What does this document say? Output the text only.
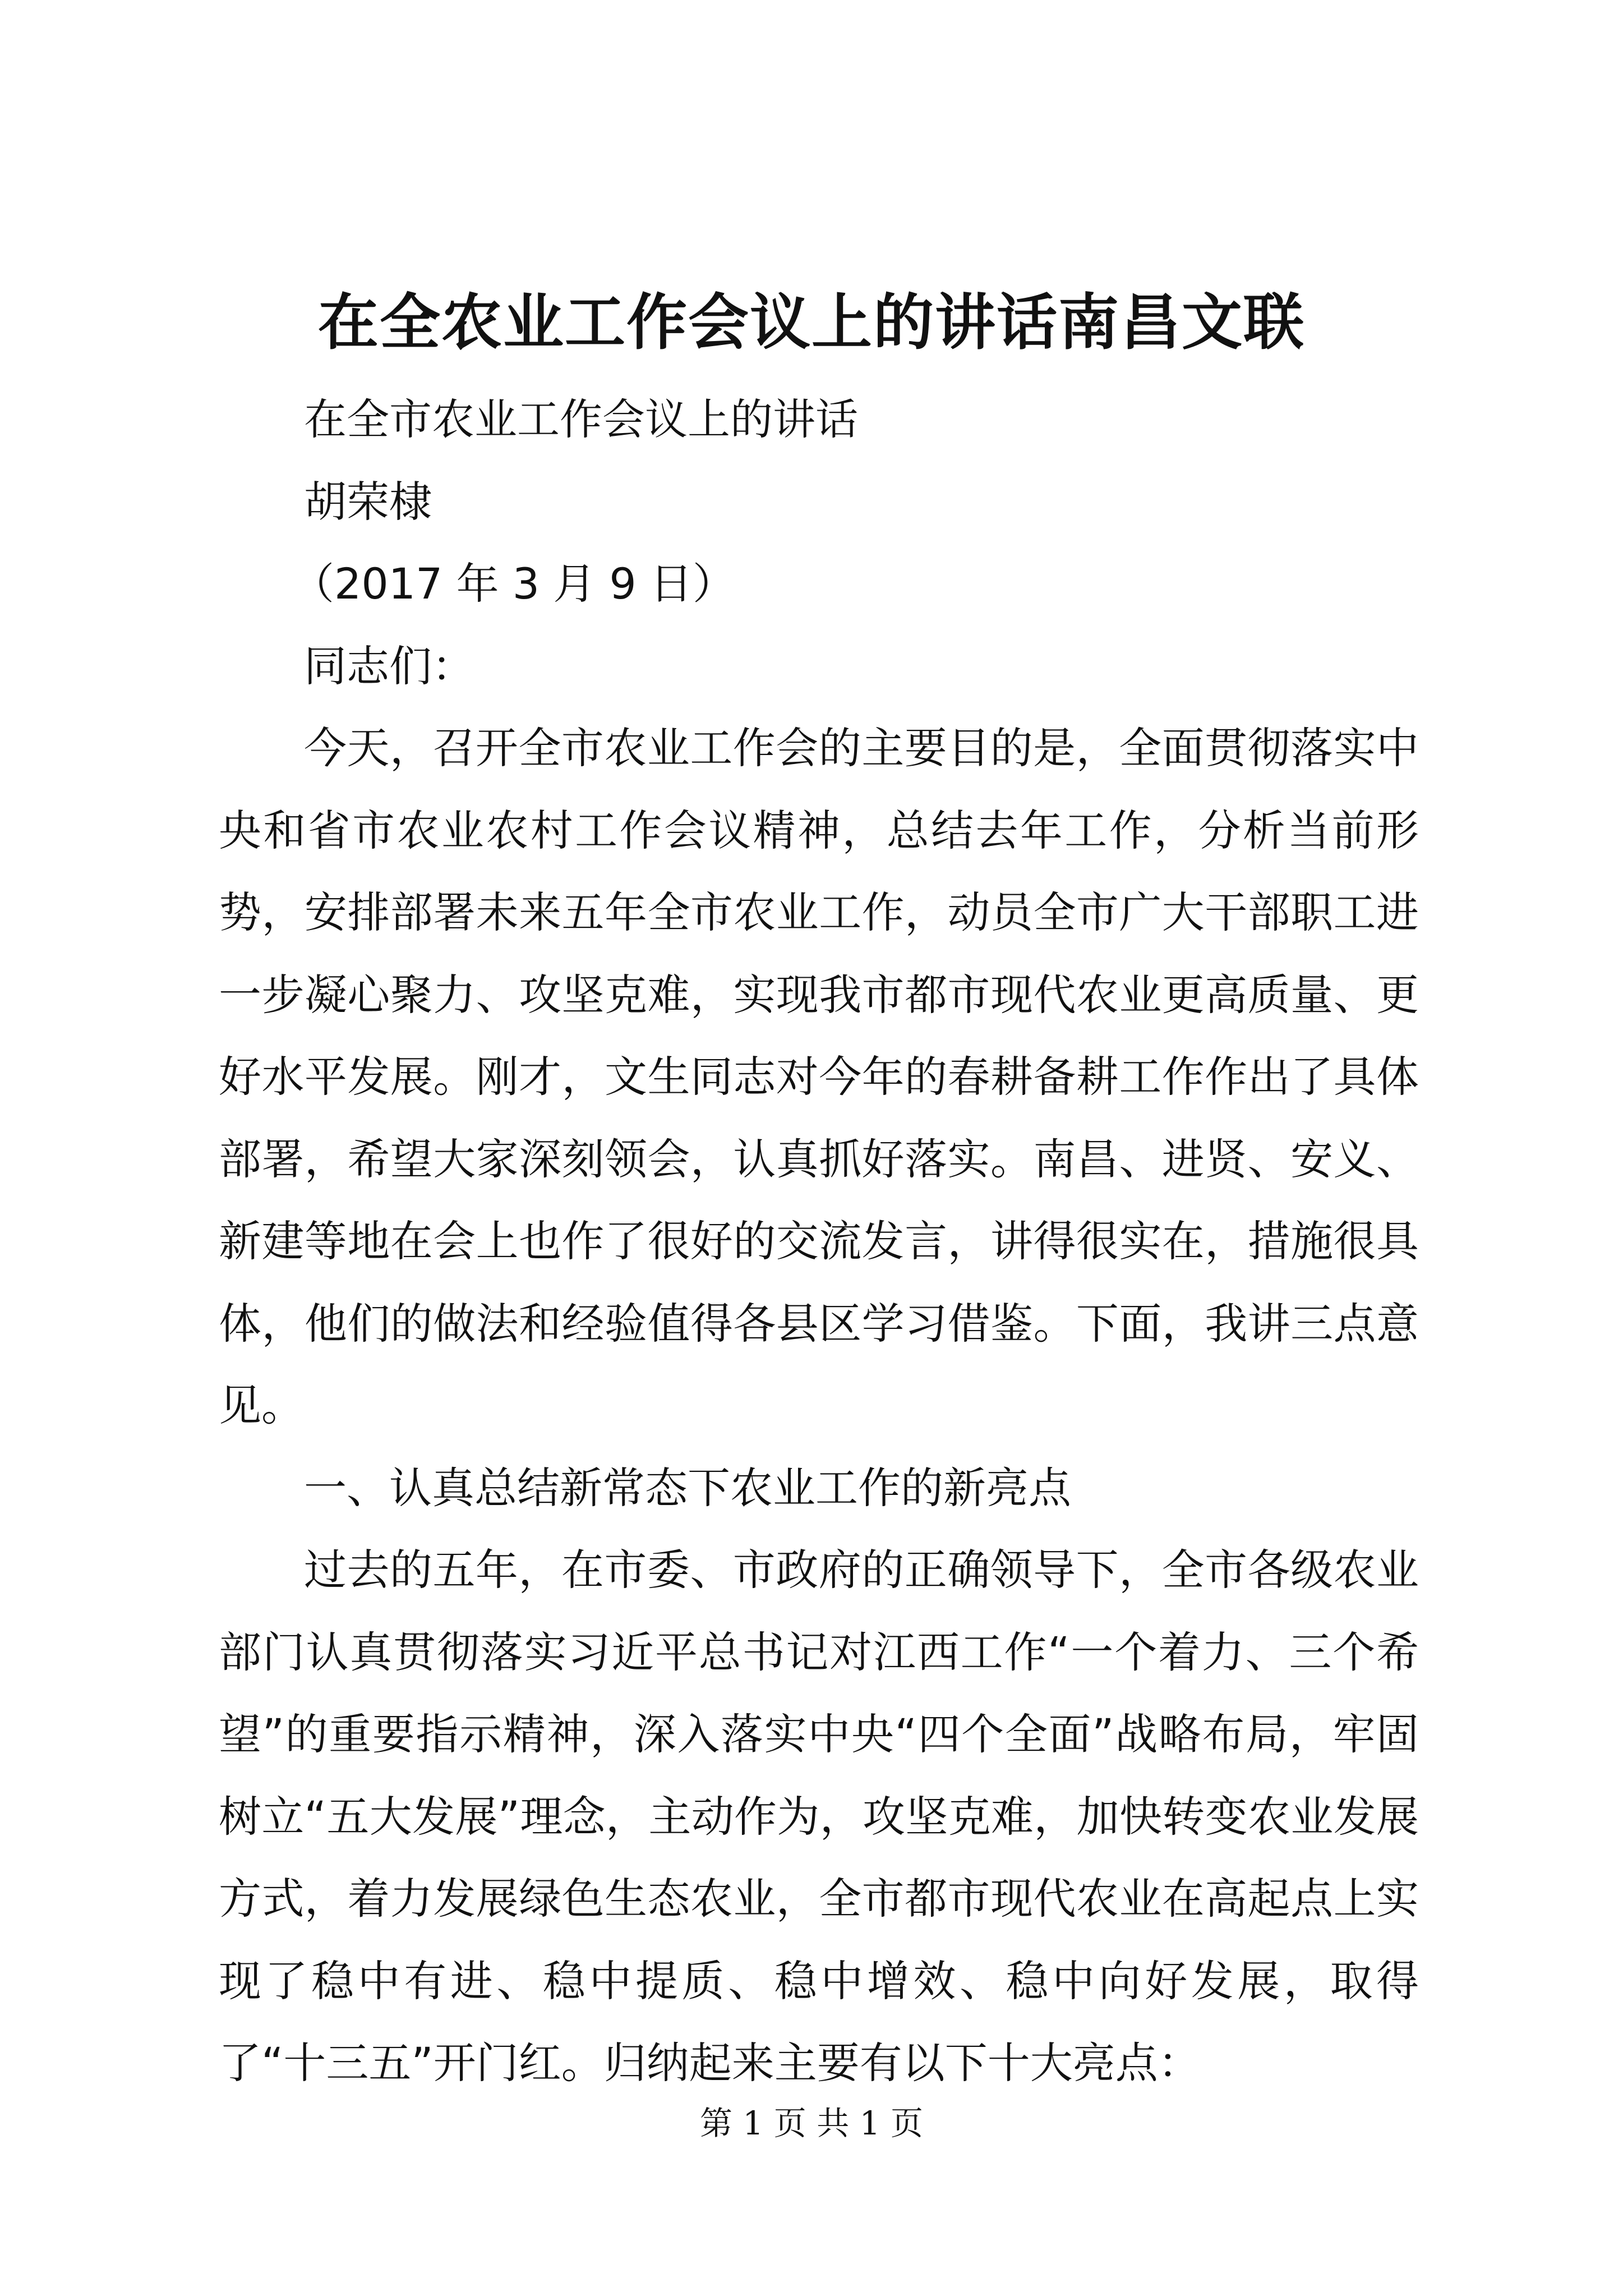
在全农业工作会议上的讲话南昌文联
在全市农业工作会议上的讲话
胡荣棣
（2017 年 3 月 9 日）
同志们：

今天，召开全市农业工作会的主要目的是，全面贯彻落实中央和省市农业农村工作会议精神，总结去年工作，分析当前形势，安排部署未来五年全市农业工作，动员全市广大干部职工进一步凝心聚力、攻坚克难，实现我市都市现代农业更高质量、更好水平发展。刚才，文生同志对今年的春耕备耕工作作出了具体部署，希望大家深刻领会，认真抓好落实。南昌、进贤、安义、新建等地在会上也作了很好的交流发言，讲得很实在，措施很具体，他们的做法和经验值得各县区学习借鉴。下面，我讲三点意见。

一、认真总结新常态下农业工作的新亮点

过去的五年，在市委、市政府的正确领导下，全市各级农业部门认真贯彻落实习近平总书记对江西工作“一个着力、三个希望”的重要指示精神，深入落实中央“四个全面”战略布局，牢固树立“五大发展”理念，主动作为，攻坚克难，加快转变农业发展方式，着力发展绿色生态农业，全市都市现代农业在高起点上实现了稳中有进、稳中提质、稳中增效、稳中向好发展，取得了“十三五”开门红。归纳起来主要有以下十大亮点：

第 1 页 共 1 页
